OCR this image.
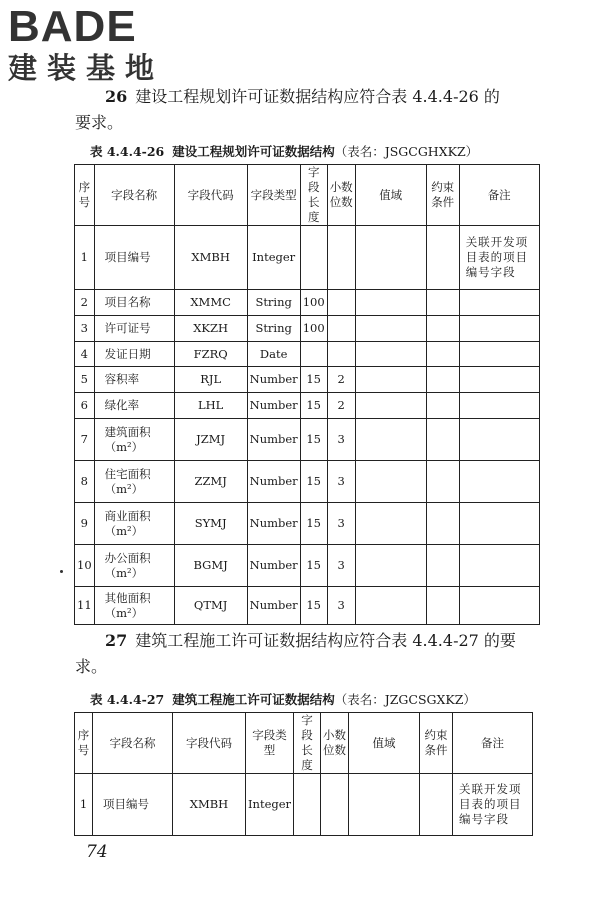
BADE
建装基地
26 建设工程规划许可证数据结构应符合表 4.4.4-26 的
要求。
表 4.4.4-26 建设工程规划许可证数据结构（表名：JSGCGHXKZ）
序号	字段名称	字段代码	字段类型	字段长度	小数位数	值域	约束条件	备注
1	项目编号	XMBH	Integer					关联开发项目表的项目编号字段
2	项目名称	XMMC	String	100				
3	许可证号	XKZH	String	100				
4	发证日期	FZRQ	Date					
5	容积率	RJL	Number	15	2			
6	绿化率	LHL	Number	15	2			
7	建筑面积（m²）	JZMJ	Number	15	3			
8	住宅面积（m²）	ZZMJ	Number	15	3			
9	商业面积（m²）	SYMJ	Number	15	3			
10	办公面积（m²）	BGMJ	Number	15	3			
11	其他面积（m²）	QTMJ	Number	15	3			
27 建筑工程施工许可证数据结构应符合表 4.4.4-27 的要
求。
表 4.4.4-27 建筑工程施工许可证数据结构（表名：JZGCSGXKZ）
序号	字段名称	字段代码	字段类型	字段长度	小数位数	值域	约束条件	备注
1	项目编号	XMBH	Integer					关联开发项目表的项目编号字段
74
